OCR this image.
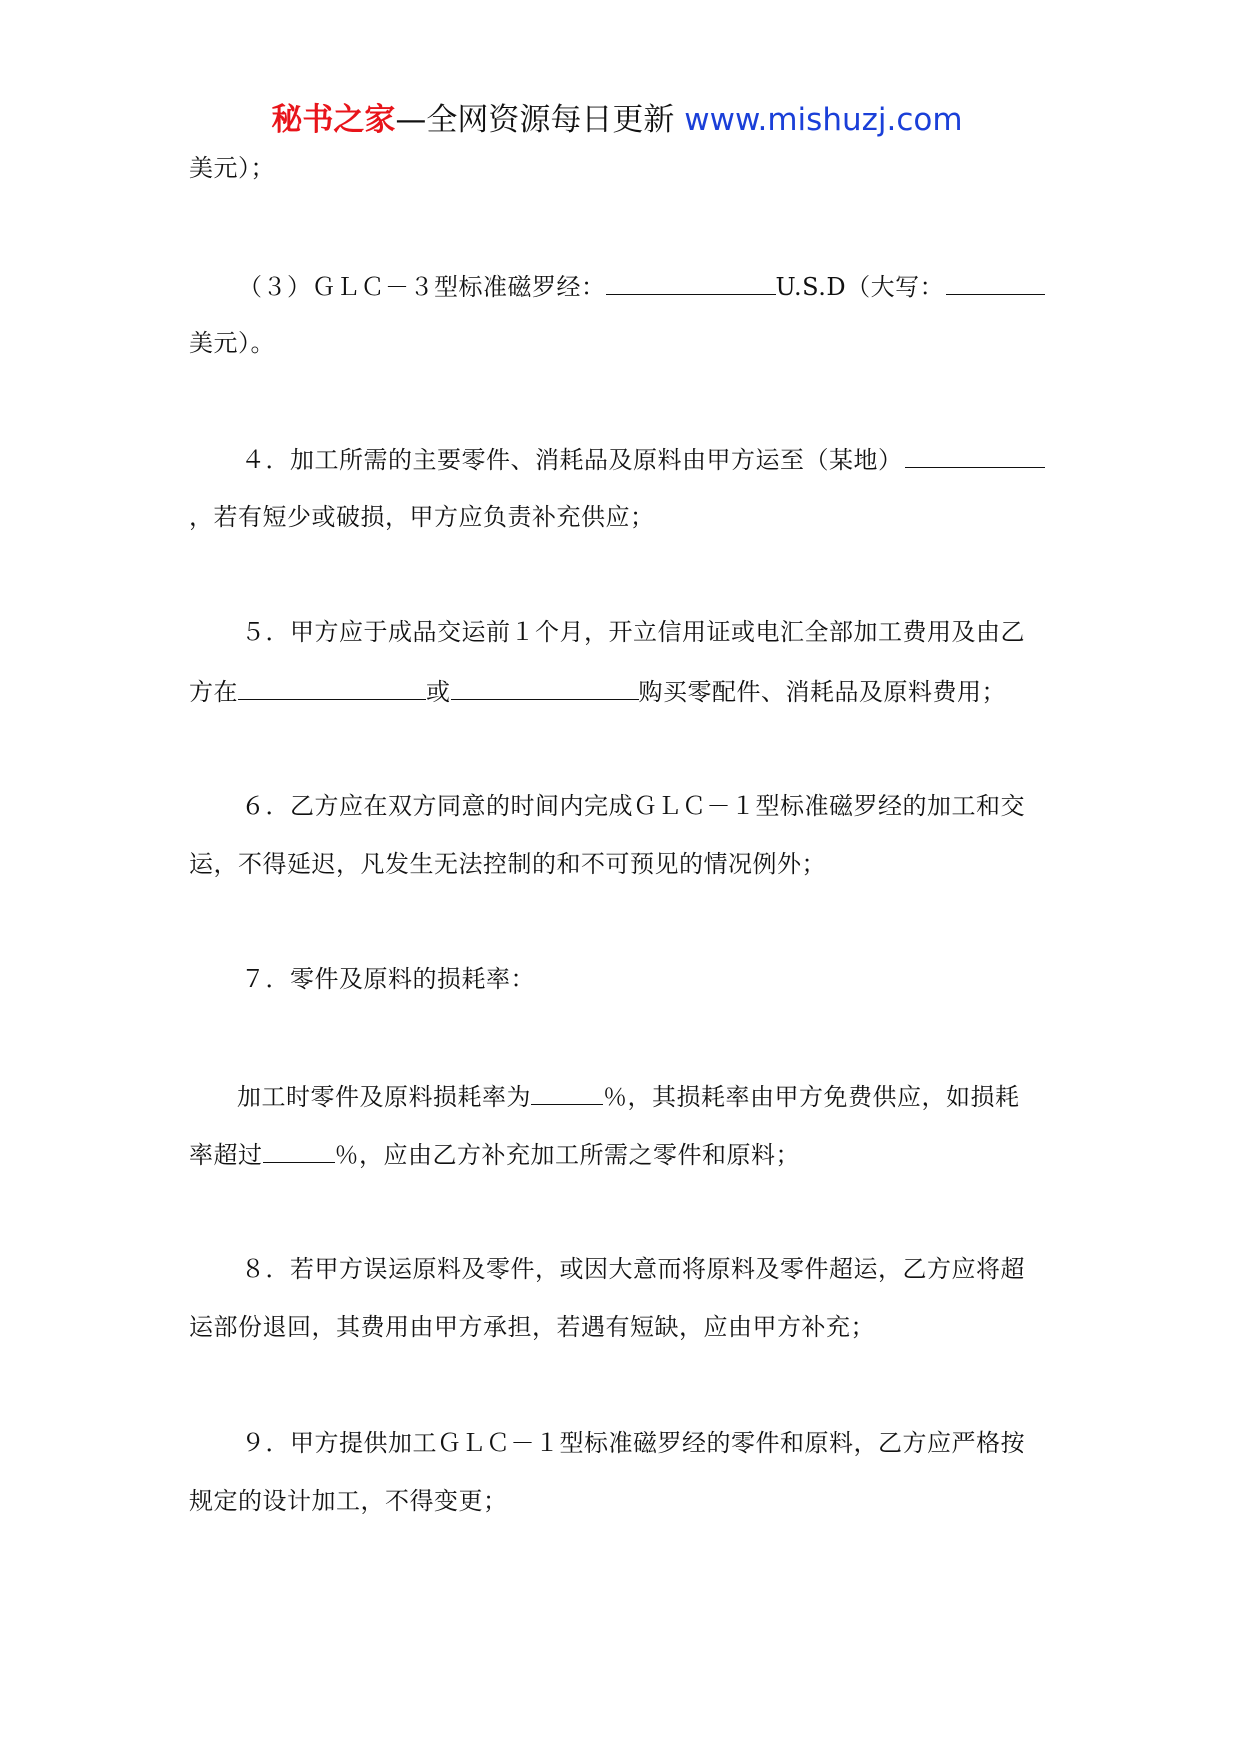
秘书之家—全网资源每日更新 www.mishuzj.com
美元）；
（３）ＧＬＣ－３型标准磁罗经：	U.S.D（大写：
美元）。
４．加工所需的主要零件、消耗品及原料由甲方运至（某地）
，若有短少或破损，甲方应负责补充供应；
５．甲方应于成品交运前１个月，开立信用证或电汇全部加工费用及由乙
方在	或	购买零配件、消耗品及原料费用；
６．乙方应在双方同意的时间内完成ＧＬＣ－１型标准磁罗经的加工和交
运，不得延迟，凡发生无法控制的和不可预见的情况例外；
７．零件及原料的损耗率：
加工时零件及原料损耗率为	％，其损耗率由甲方免费供应，如损耗
率超过	％，应由乙方补充加工所需之零件和原料；
８．若甲方误运原料及零件，或因大意而将原料及零件超运，乙方应将超
运部份退回，其费用由甲方承担，若遇有短缺，应由甲方补充；
９．甲方提供加工ＧＬＣ－１型标准磁罗经的零件和原料，乙方应严格按
规定的设计加工，不得变更；
